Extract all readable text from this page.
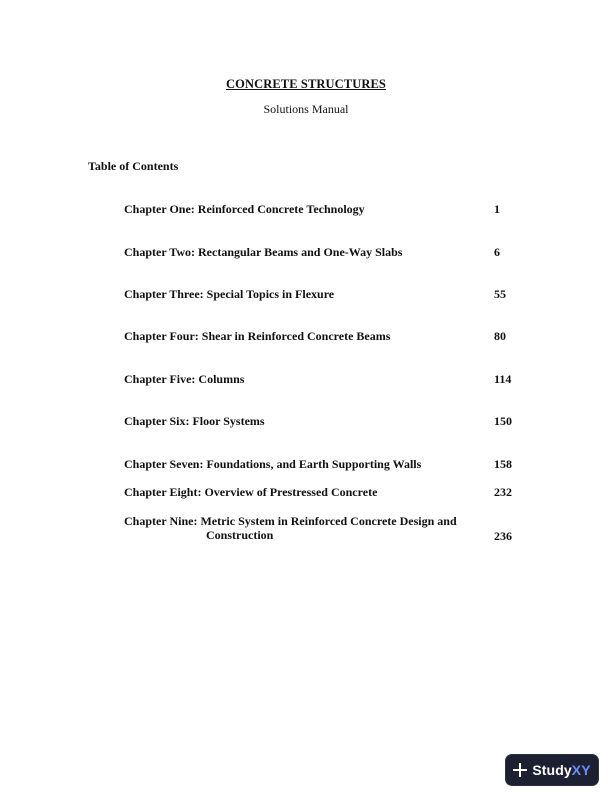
CONCRETE STRUCTURES
Solutions Manual
Table of Contents
Chapter One: Reinforced Concrete Technology	1
Chapter Two: Rectangular Beams and One-Way Slabs	6
Chapter Three: Special Topics in Flexure	55
Chapter Four: Shear in Reinforced Concrete Beams	80
Chapter Five: Columns	114
Chapter Six: Floor Systems	150
Chapter Seven: Foundations, and Earth Supporting Walls	158
Chapter Eight: Overview of Prestressed Concrete	232
Chapter Nine: Metric System in Reinforced Concrete Design and
Construction	236
StudyXY
